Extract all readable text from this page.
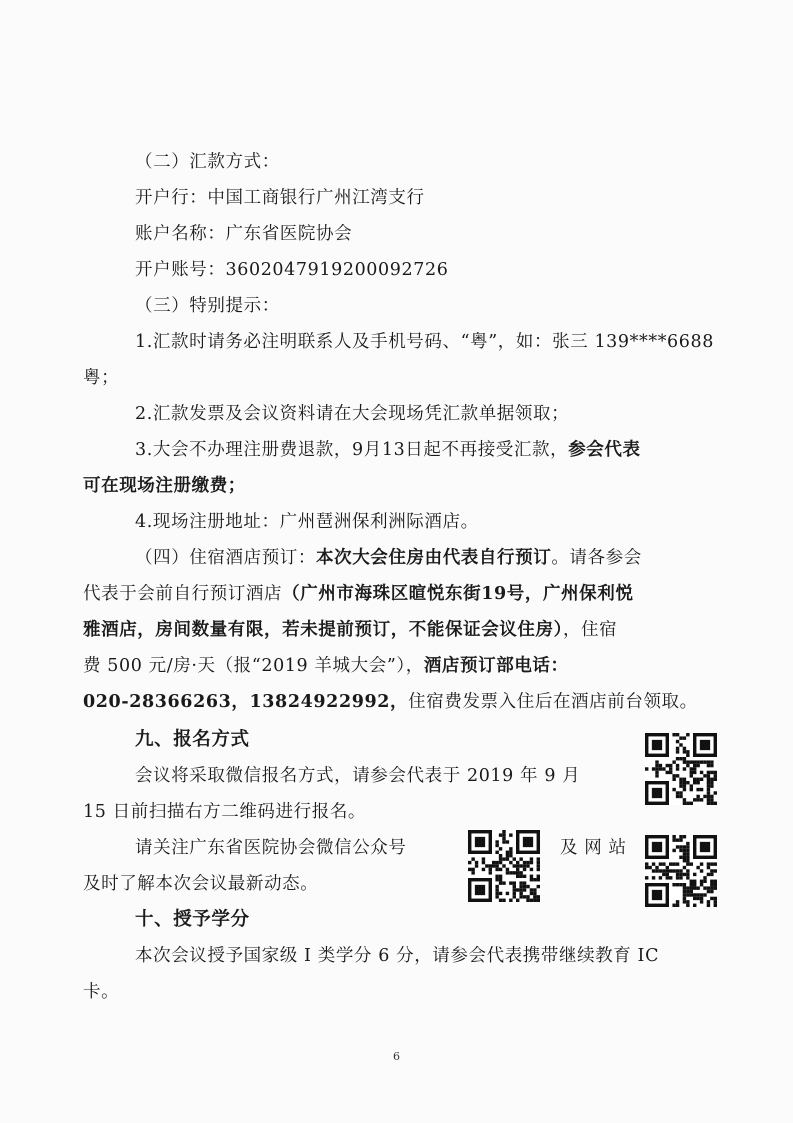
（二）汇款方式：
开户行：中国工商银行广州江湾支行
账户名称：广东省医院协会
开户账号：3602047919200092726
（三）特别提示：
1.汇款时请务必注明联系人及手机号码、“粤”，如：张三 139****6688
粤；
2.汇款发票及会议资料请在大会现场凭汇款单据领取；
3.大会不办理注册费退款，9月13日起不再接受汇款，参会代表
可在现场注册缴费；
4.现场注册地址：广州琶洲保利洲际酒店。
（四）住宿酒店预订：本次大会住房由代表自行预订。请各参会
代表于会前自行预订酒店（广州市海珠区暄悦东街19号，广州保利悦
雅酒店，房间数量有限，若未提前预订，不能保证会议住房），住宿
费 500 元/房·天（报“2019 羊城大会”），酒店预订部电话：
020-28366263，13824922992，住宿费发票入住后在酒店前台领取。
九、报名方式
会议将采取微信报名方式，请参会代表于 2019 年 9 月
15 日前扫描右方二维码进行报名。
请关注广东省医院协会微信公众号	及 网 站
及时了解本次会议最新动态。
十、授予学分
本次会议授予国家级 I 类学分 6 分，请参会代表携带继续教育 IC
卡。
6
